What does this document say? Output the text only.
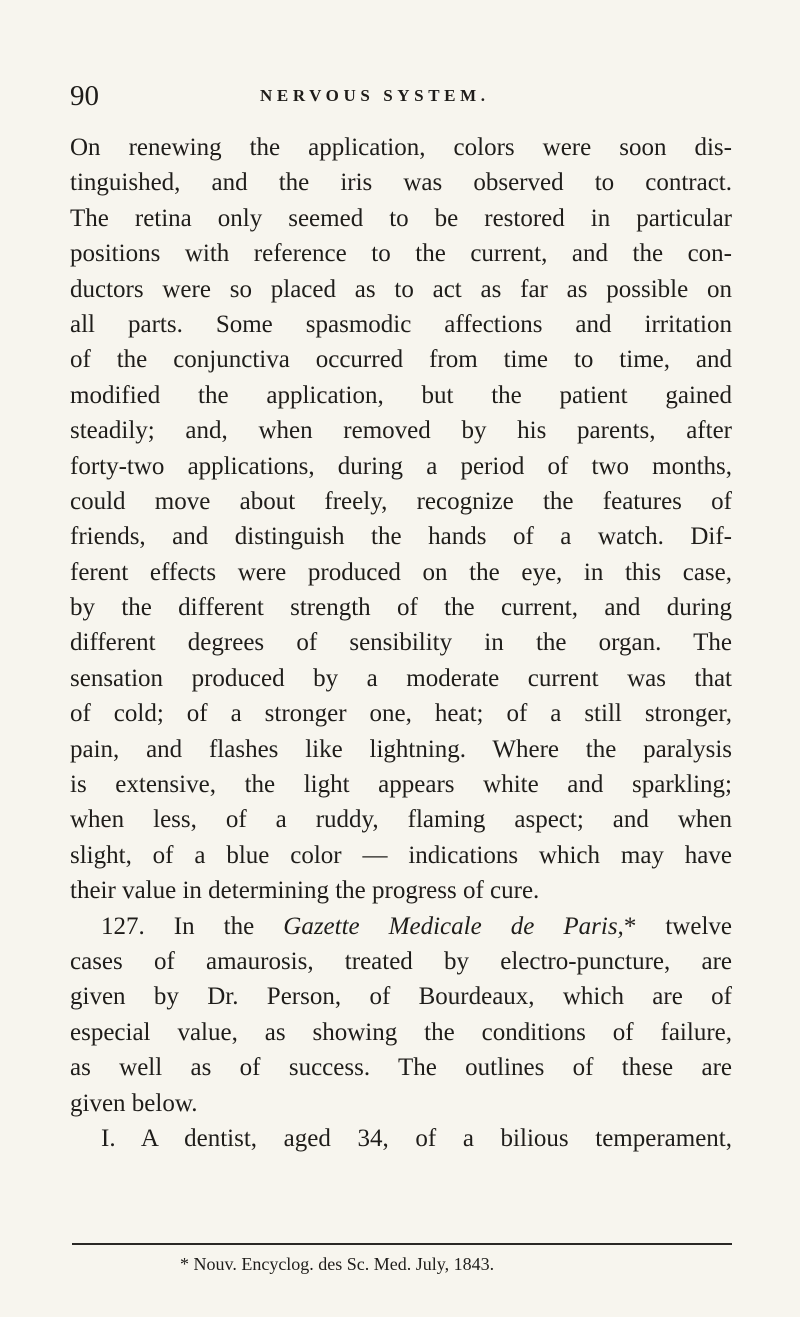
90	NERVOUS SYSTEM.
On renewing the application, colors were soon dis-
tinguished, and the iris was observed to contract.
The retina only seemed to be restored in particular
positions with reference to the current, and the con-
ductors were so placed as to act as far as possible on
all parts. Some spasmodic affections and irritation
of the conjunctiva occurred from time to time, and
modified the application, but the patient gained
steadily; and, when removed by his parents, after
forty-two applications, during a period of two months,
could move about freely, recognize the features of
friends, and distinguish the hands of a watch. Dif-
ferent effects were produced on the eye, in this case,
by the different strength of the current, and during
different degrees of sensibility in the organ. The
sensation produced by a moderate current was that
of cold; of a stronger one, heat; of a still stronger,
pain, and flashes like lightning. Where the paralysis
is extensive, the light appears white and sparkling;
when less, of a ruddy, flaming aspect; and when
slight, of a blue color — indications which may have
their value in determining the progress of cure.
127. In the Gazette Medicale de Paris,* twelve
cases of amaurosis, treated by electro-puncture, are
given by Dr. Person, of Bourdeaux, which are of
especial value, as showing the conditions of failure,
as well as of success. The outlines of these are
given below.
I. A dentist, aged 34, of a bilious temperament,
* Nouv. Encyclog. des Sc. Med. July, 1843.
